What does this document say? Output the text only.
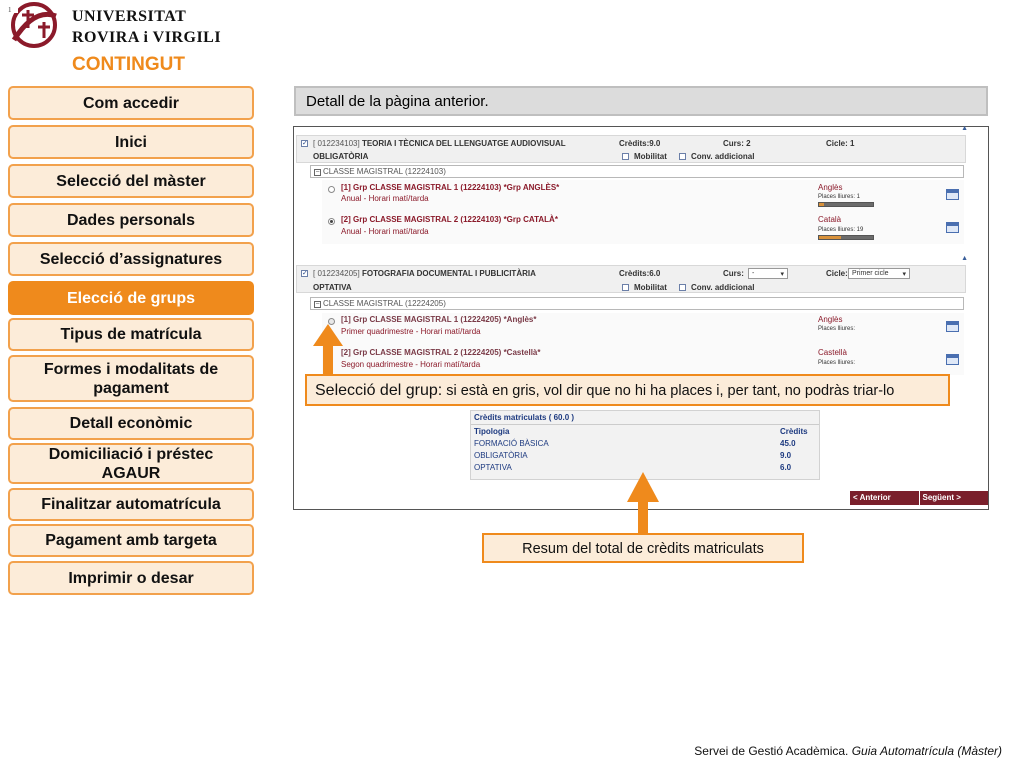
1	UNIVERSITAT
ROVIRA i VIRGILI
CONTINGUT
Com accedir
Inici
Selecció del màster
Dades personals
Selecció d’assignatures
Elecció de grups
Tipus de matrícula
Formes i modalitats de pagament
Detall econòmic
Domiciliació i préstec AGAUR
Finalitzar automatrícula
Pagament amb targeta
Imprimir o desar
Detall de la pàgina anterior.
▲
✓ [ 012234103] TEORIA I TÈCNICA DEL LLENGUATGE AUDIOVISUAL
OBLIGATÒRIA
Crèdits:9.0	Curs: 2	Cicle: 1
Mobilitat	Conv. addicional
− CLASSE MAGISTRAL (12224103)
[1] Grp CLASSE MAGISTRAL 1 (12224103) *Grp ANGLÈS*
Anual - Horari matí/tarda
Anglès
Places lliures: 1
[2] Grp CLASSE MAGISTRAL 2 (12224103) *Grp CATALÀ*
Anual - Horari matí/tarda
Català
Places lliures: 19
▲
✓ [ 012234205] FOTOGRAFIA DOCUMENTAL I PUBLICITÀRIA
OPTATIVA
Crèdits:6.0	Curs:	-	▾	Cicle: Primer cicle ▾
Mobilitat	Conv. addicional
− CLASSE MAGISTRAL (12224205)
[1] Grp CLASSE MAGISTRAL 1 (12224205) *Anglès*
Primer quadrimestre - Horari matí/tarda
Anglès
Places lliures:
[2] Grp CLASSE MAGISTRAL 2 (12224205) *Castellà*
Segon quadrimestre - Horari matí/tarda
Castellà
Places lliures:
Crèdits matriculats ( 60.0 )
Tipologia	Crèdits
FORMACIÓ BÀSICA	45.0
OBLIGATÒRIA	9.0
OPTATIVA	6.0
< Anterior	Següent >
Selecció del grup: si està en gris, vol dir que no hi ha places i, per tant, no podràs triar-lo
Resum del total de crèdits matriculats
Servei de Gestió Acadèmica. Guia Automatrícula (Màster)
